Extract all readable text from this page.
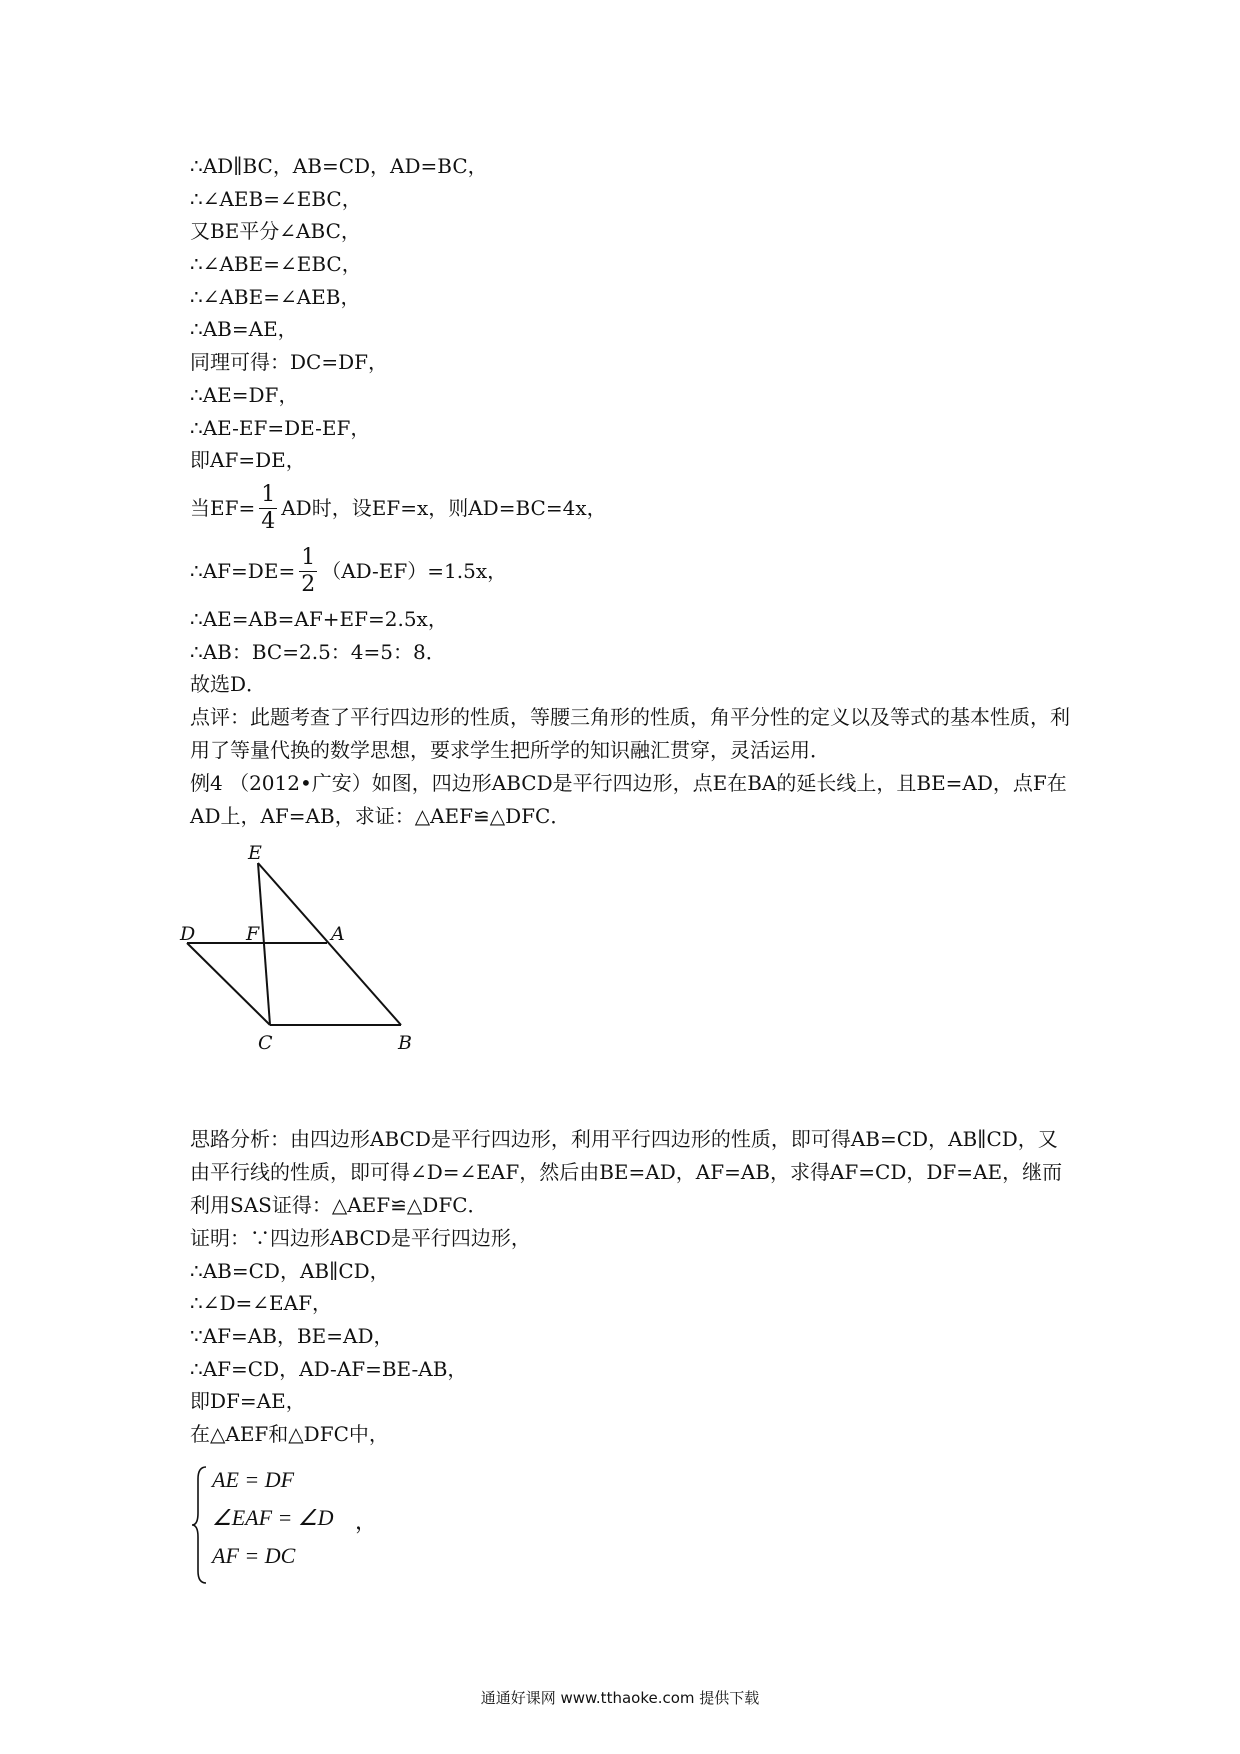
∴AD∥BC，AB=CD，AD=BC，
∴∠AEB=∠EBC，
又BE平分∠ABC，
∴∠ABE=∠EBC，
∴∠ABE=∠AEB，
∴AB=AE，
同理可得：DC=DF，
∴AE=DF，
∴AE-EF=DE-EF，
即AF=DE，
当$EF= \frac{1}{4}$ AD时，设EF=x，则AD=BC=4x，
∴AF=DE= $\frac{1}{2} (AD-EF)=1.5x$，
∴AE=AB=AF+EF=2.5x，
∴AB：BC=2.5：4=5：8．
故选D．
点评：此题考查了平行四边形的性质，等腰三角形的性质，角平分性的定义以及等式的基本性质，利用了等量代换的数学思想，要求学生把所学的知识融汇贯穿，灵活运用．
例4 （2012•广安）如图，四边形ABCD是平行四边形，点E在BA的延长线上，且BE=AD，点F在AD上，AF=AB，求证：△AEF≌△DFC．
E
D	F	A
C	B
思路分析：由四边形ABCD是平行四边形，利用平行四边形的性质，即可得AB=CD，AB∥CD，又由平行线的性质，即可得∠D=∠EAF，然后由BE=AD，AF=AB，求得AF=CD，DF=AE，继而利用SAS证得：△AEF≌△DFC．
证明：∵四边形ABCD是平行四边形，
∴AB=CD，AB∥CD，
∴∠D=∠EAF，
∵AF=AB，BE=AD，
∴AF=CD，AD-AF=BE-AB，
即DF=AE，
在△AEF和△DFC中，
AE = DF
∠EAF = ∠D
AF = DC
，
通通好课网 www.tthaoke.com 提供下载
